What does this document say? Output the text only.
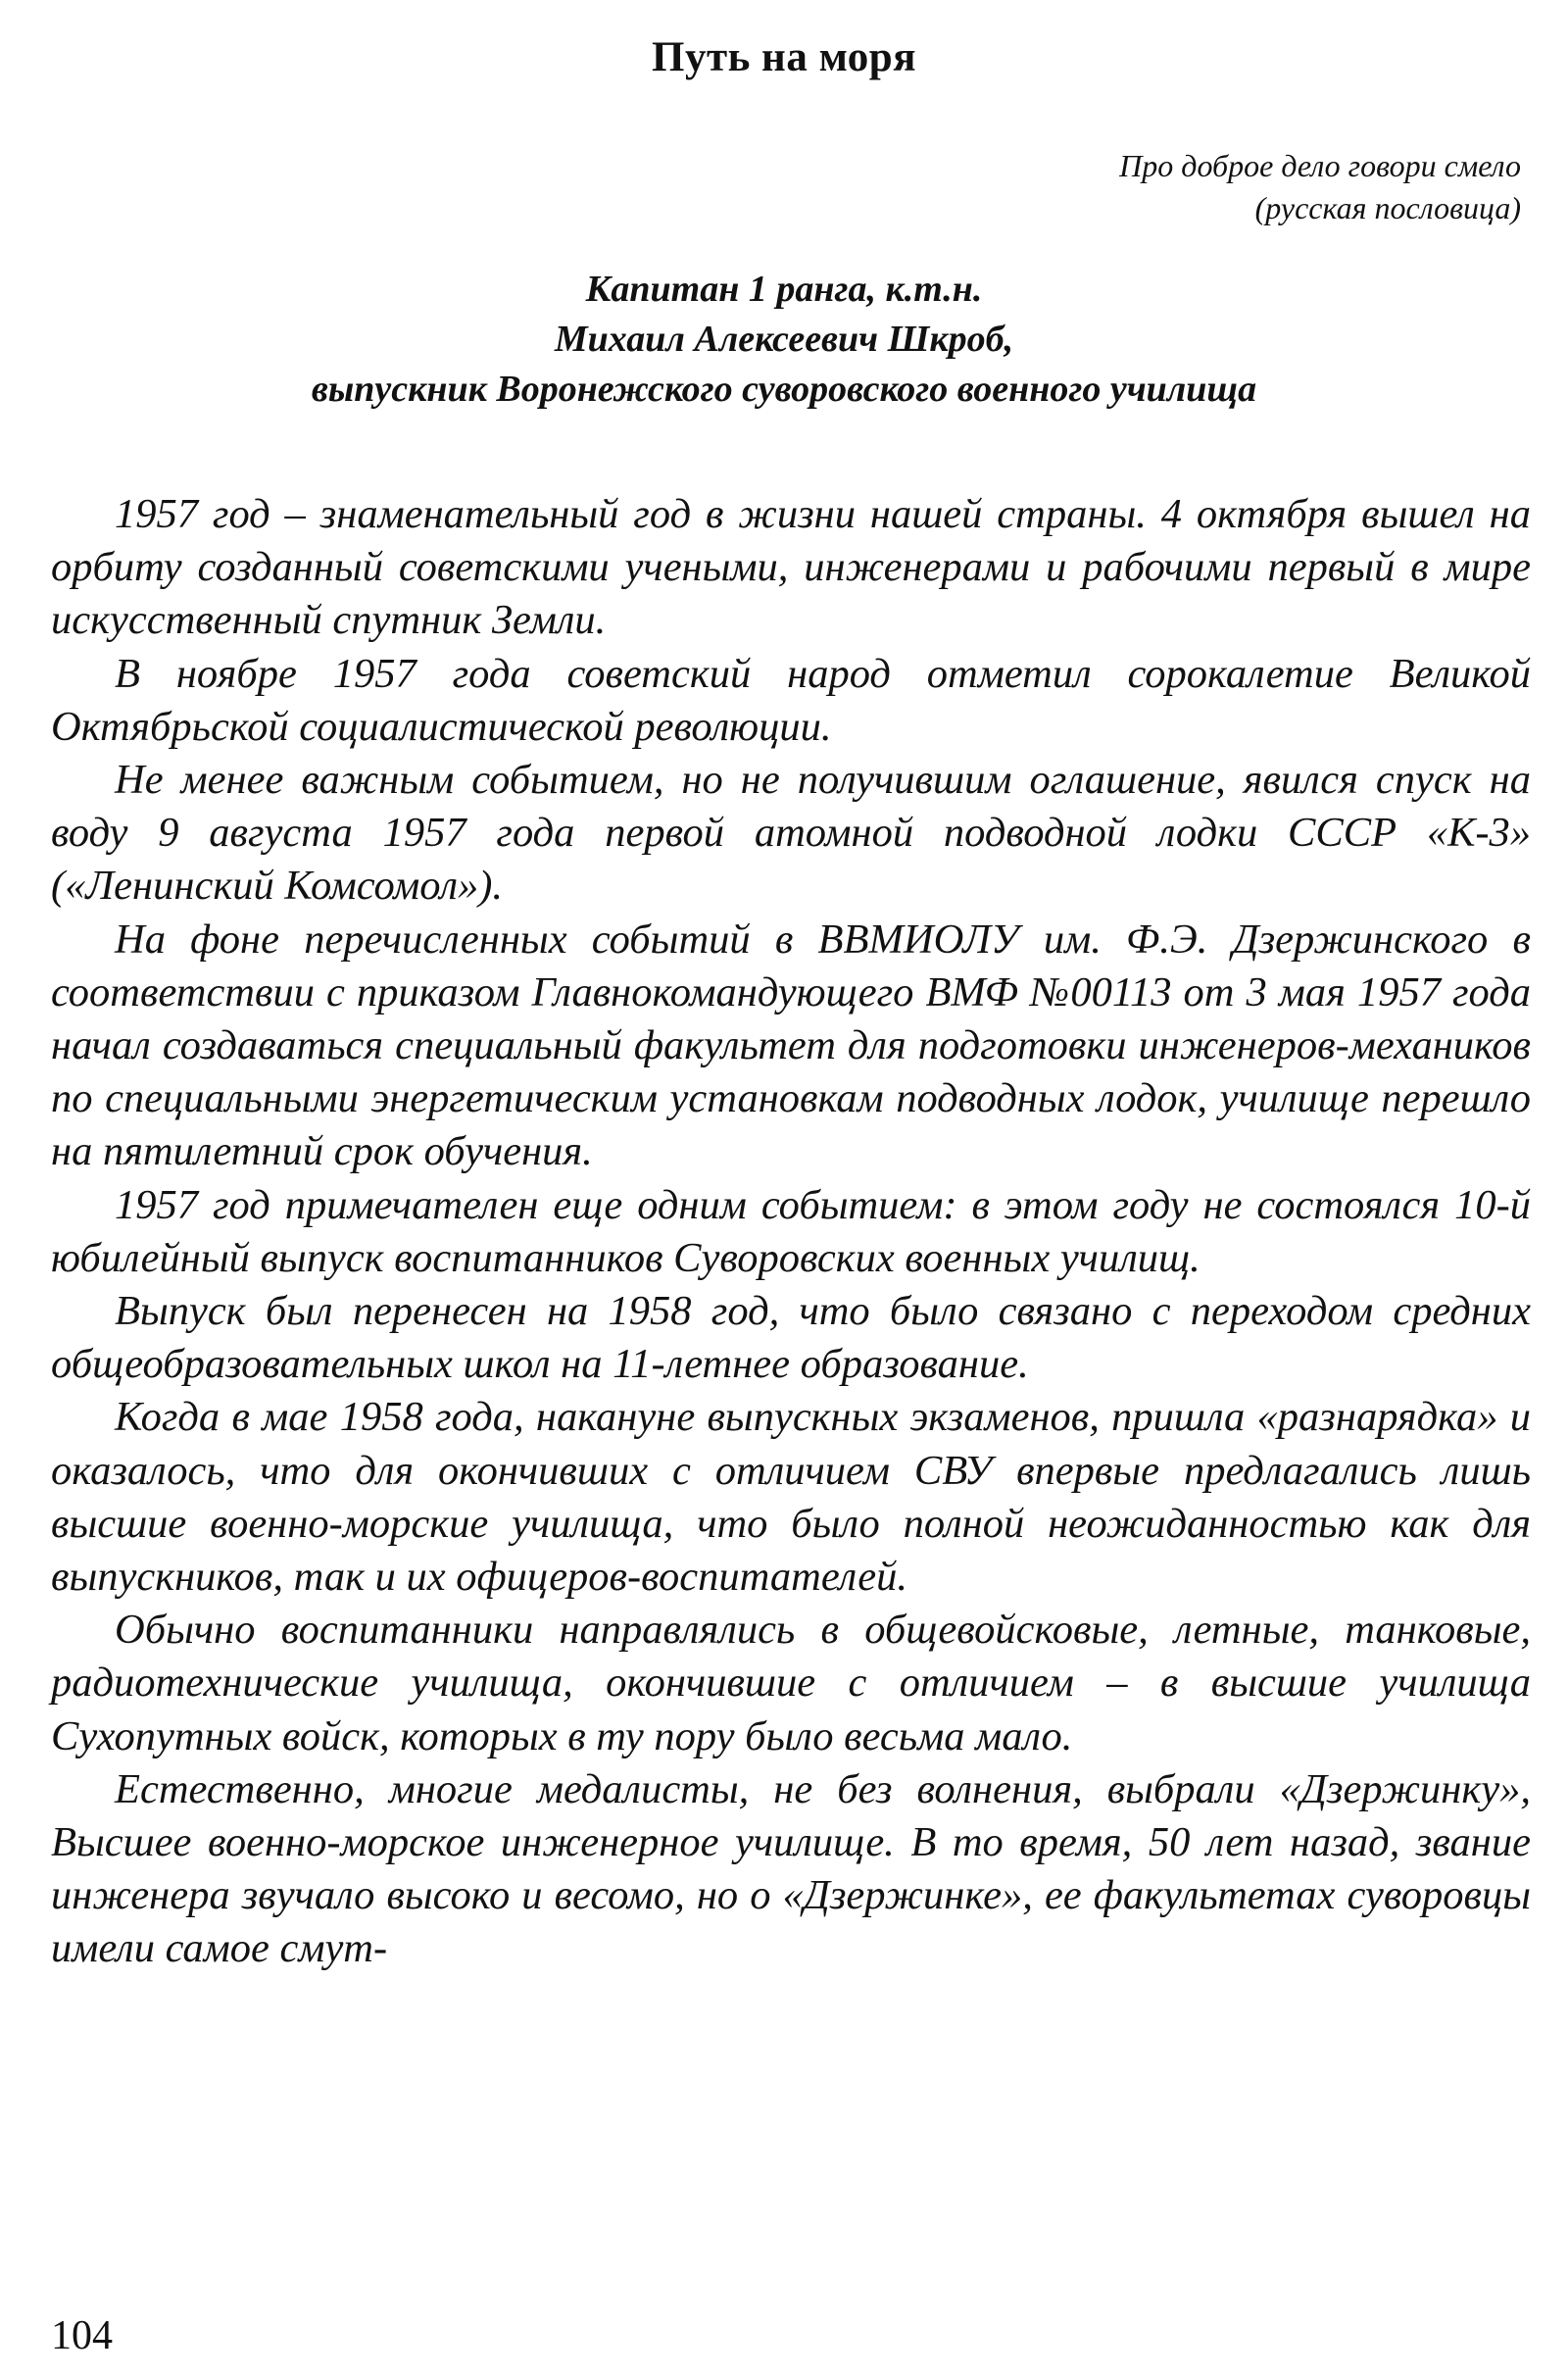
Путь на моря
Про доброе дело говори смело
(русская пословица)
Капитан 1 ранга, к.т.н.
Михаил Алексеевич Шкроб,
выпускник Воронежского суворовского военного училища

1957 год – знаменательный год в жизни нашей страны. 4 октября вышел на орбиту созданный советскими учеными, инженерами и рабочими первый в мире искусственный спутник Земли.

В ноябре 1957 года советский народ отметил сорокалетие Великой Октябрьской социалистической революции.

Не менее важным событием, но не получившим оглашение, явился спуск на воду 9 августа 1957 года первой атомной подводной лодки СССР «К-3» («Ленинский Комсомол»).

На фоне перечисленных событий в ВВМИОЛУ им. Ф.Э. Дзержинского в соответствии с приказом Главнокомандующего ВМФ №00113 от 3 мая 1957 года начал создаваться специальный факультет для подготовки инженеров-механиков по специальными энергетическим установкам подводных лодок, училище перешло на пятилетний срок обучения.

1957 год примечателен еще одним событием: в этом году не состоялся 10-й юбилейный выпуск воспитанников Суворовских военных училищ.

Выпуск был перенесен на 1958 год, что было связано с переходом средних общеобразовательных школ на 11-летнее образование.

Когда в мае 1958 года, накануне выпускных экзаменов, пришла «разнарядка» и оказалось, что для окончивших с отличием СВУ впервые предлагались лишь высшие военно-морские училища, что было полной неожиданностью как для выпускников, так и их офицеров-воспитателей.

Обычно воспитанники направлялись в общевойсковые, летные, танковые, радиотехнические училища, окончившие с отличием – в высшие училища Сухопутных войск, которых в ту пору было весьма мало.

Естественно, многие медалисты, не без волнения, выбрали «Дзержинку», Высшее военно-морское инженерное училище. В то время, 50 лет назад, звание инженера звучало высоко и весомо, но о «Дзержинке», ее факультетах суворовцы имели самое смут-

104
